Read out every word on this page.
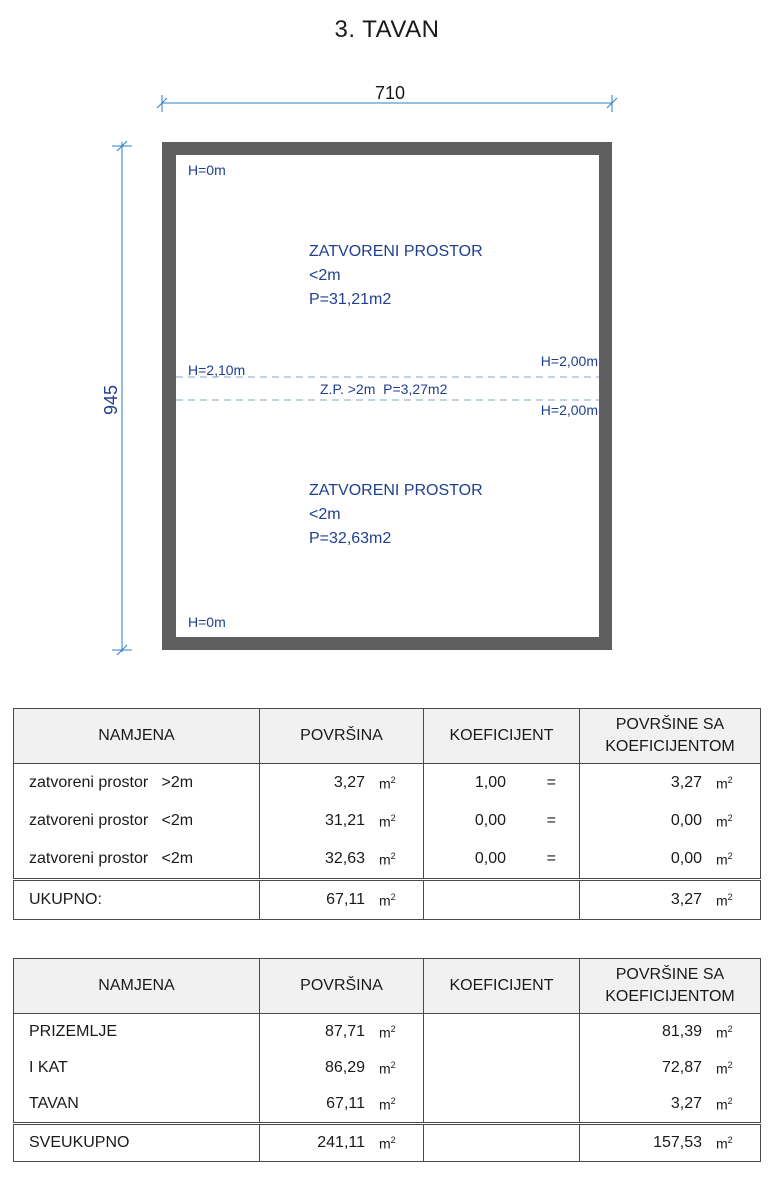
3. TAVAN
710
945
H=0m
H=0m
H=2,10m
H=2,00m
H=2,00m
Z.P. >2m  P=3,27m2
ZATVORENI PROSTOR
<2m
P=31,21m2
ZATVORENI PROSTOR
<2m
P=32,63m2
NAMJENA	POVRŠINA	KOEFICIJENT	POVRŠINE SA
KOEFICIJENTOM

zatvoreni prostor   >2m	3,27 $m^2$	1,00 =	3,27 $m^2$

zatvoreni prostor   <2m	31,21 $m^2$	0,00 =	0,00 $m^2$

zatvoreni prostor   <2m	32,63 $m^2$	0,00 =	0,00 $m^2$

UKUPNO:	67,11 $m^2$		3,27 $m^2$
NAMJENA	POVRŠINA	KOEFICIJENT	POVRŠINE SA
KOEFICIJENTOM

PRIZEMLJE	87,71 $m^2$		81,39 $m^2$

I KAT	86,29 $m^2$		72,87 $m^2$

TAVAN	67,11 $m^2$		3,27 $m^2$

SVEUKUPNO	241,11 $m^2$		157,53 $m^2$
